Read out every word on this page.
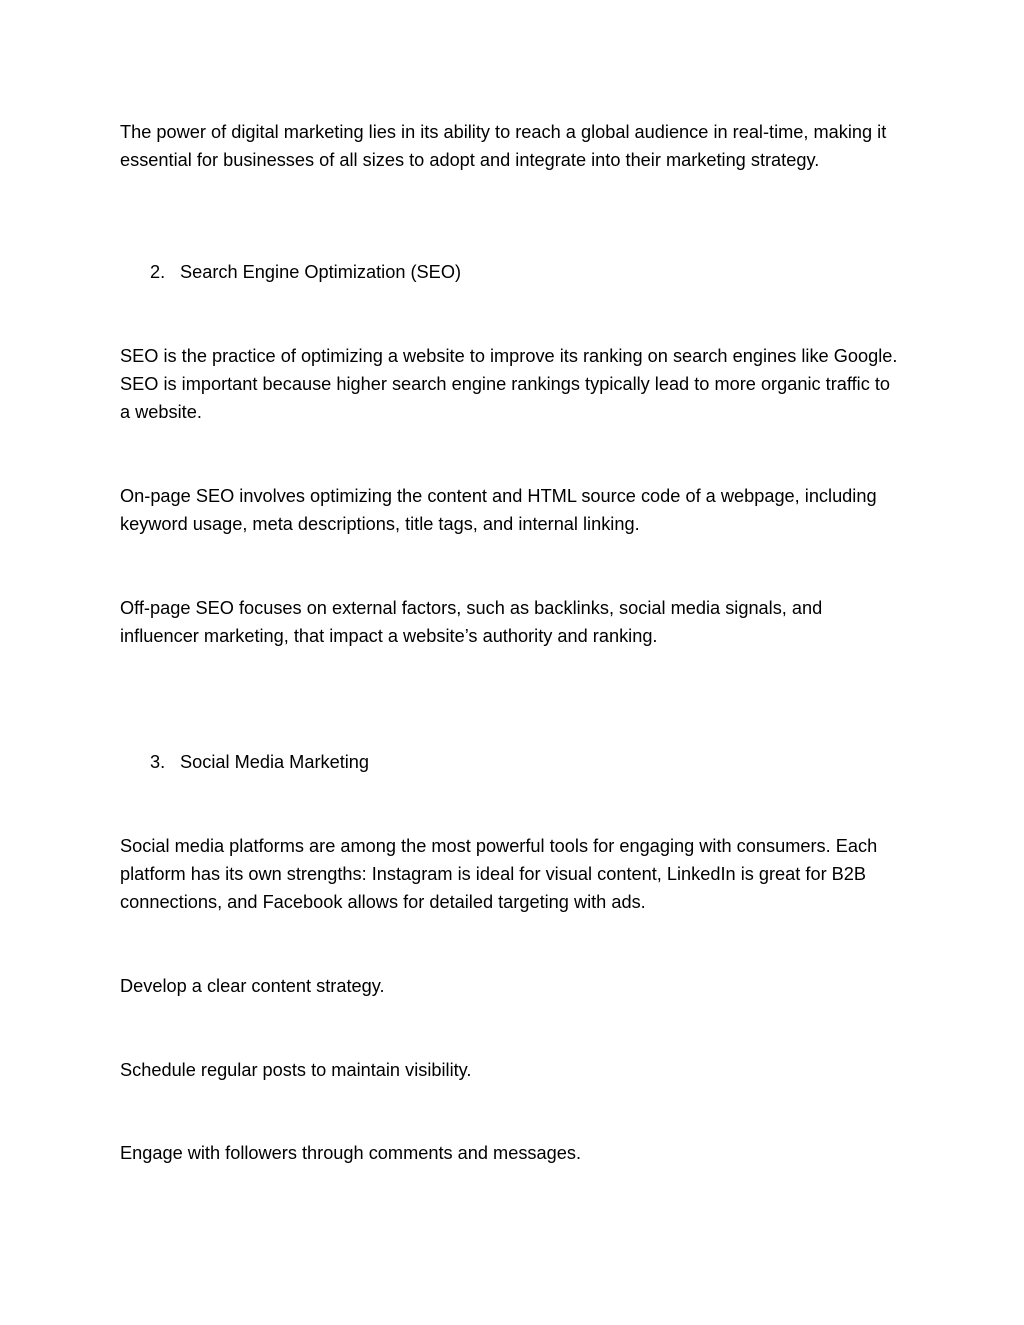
The power of digital marketing lies in its ability to reach a global audience in real-time, making it essential for businesses of all sizes to adopt and integrate into their marketing strategy.

2. Search Engine Optimization (SEO)

SEO is the practice of optimizing a website to improve its ranking on search engines like Google. SEO is important because higher search engine rankings typically lead to more organic traffic to a website.

On-page SEO involves optimizing the content and HTML source code of a webpage, including keyword usage, meta descriptions, title tags, and internal linking.

Off-page SEO focuses on external factors, such as backlinks, social media signals, and influencer marketing, that impact a website’s authority and ranking.

3. Social Media Marketing

Social media platforms are among the most powerful tools for engaging with consumers. Each platform has its own strengths: Instagram is ideal for visual content, LinkedIn is great for B2B connections, and Facebook allows for detailed targeting with ads.

Develop a clear content strategy.

Schedule regular posts to maintain visibility.

Engage with followers through comments and messages.
